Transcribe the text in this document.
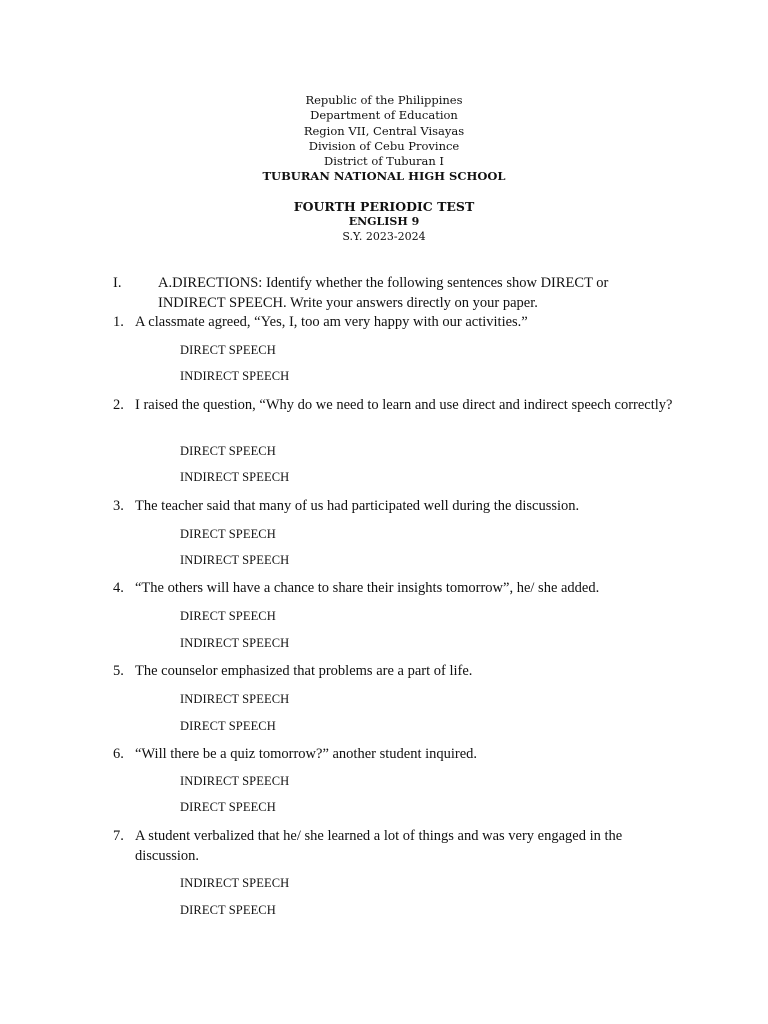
Republic of the Philippines
Department of Education
Region VII, Central Visayas
Division of Cebu Province
District of Tuburan I
TUBURAN NATIONAL HIGH SCHOOL
FOURTH PERIODIC TEST
ENGLISH 9
S.Y. 2023-2024
I.	A.DIRECTIONS: Identify whether the following sentences show DIRECT or INDIRECT SPEECH. Write your answers directly on your paper.
1. A classmate agreed, “Yes, I, too am very happy with our activities.”
DIRECT SPEECH
INDIRECT SPEECH
2. I raised the question, “Why do we need to learn and use direct and indirect speech correctly?
DIRECT SPEECH
INDIRECT SPEECH
3. The teacher said that many of us had participated well during the discussion.
DIRECT SPEECH
INDIRECT SPEECH
4. “The others will have a chance to share their insights tomorrow”, he/ she added.
DIRECT SPEECH
INDIRECT SPEECH
5. The counselor emphasized that problems are a part of life.
INDIRECT SPEECH
DIRECT SPEECH
6. “Will there be a quiz tomorrow?” another student inquired.
INDIRECT SPEECH
DIRECT SPEECH
7. A student verbalized that he/ she learned a lot of things and was very engaged in the discussion.
INDIRECT SPEECH
DIRECT SPEECH
